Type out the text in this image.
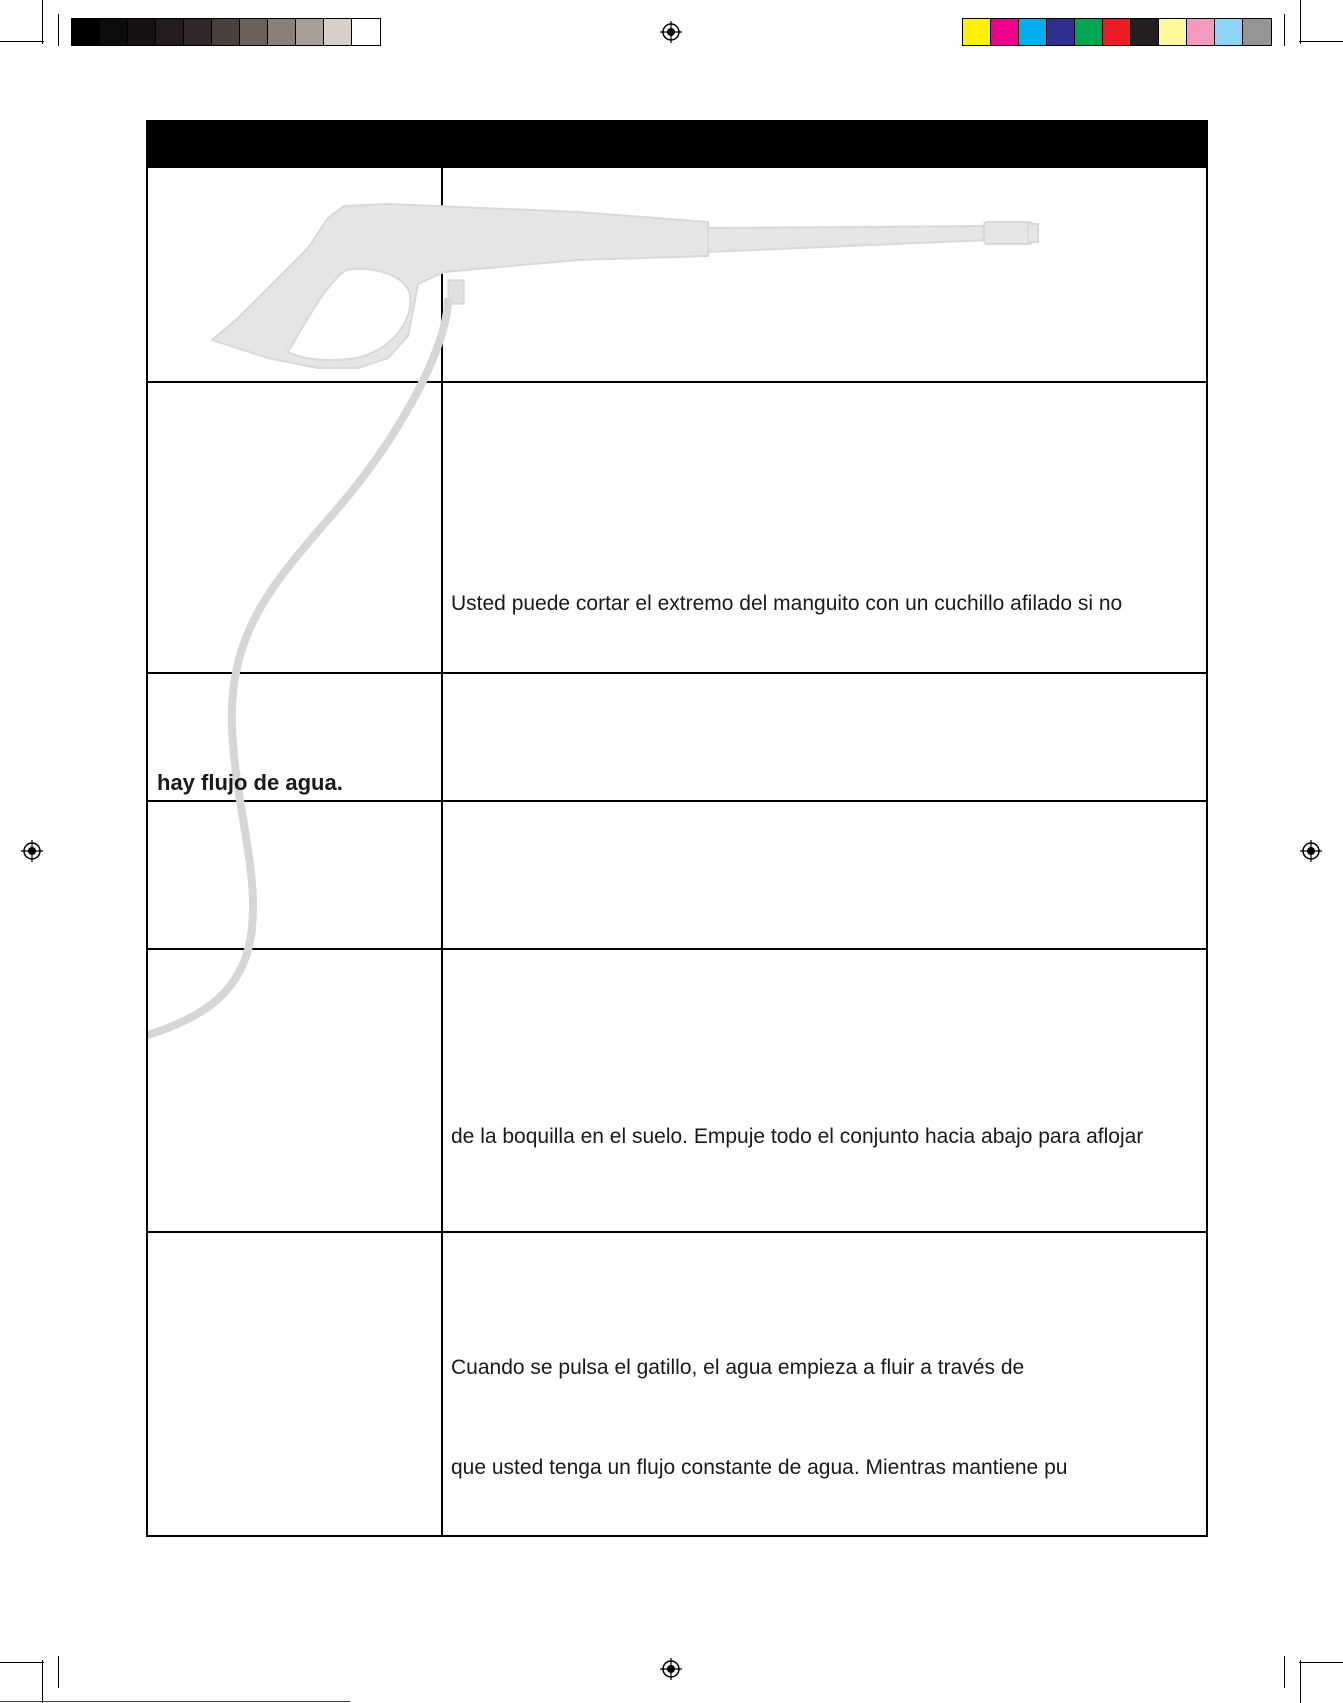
Usted puede cortar el extremo del manguito con un cuchillo afilado si no
hay flujo de agua.
de la boquilla en el suelo. Empuje todo el conjunto hacia abajo para aflojar
Cuando se pulsa el gatillo, el agua empieza a fluir a través de
que usted tenga un flujo constante de agua. Mientras mantiene pu
